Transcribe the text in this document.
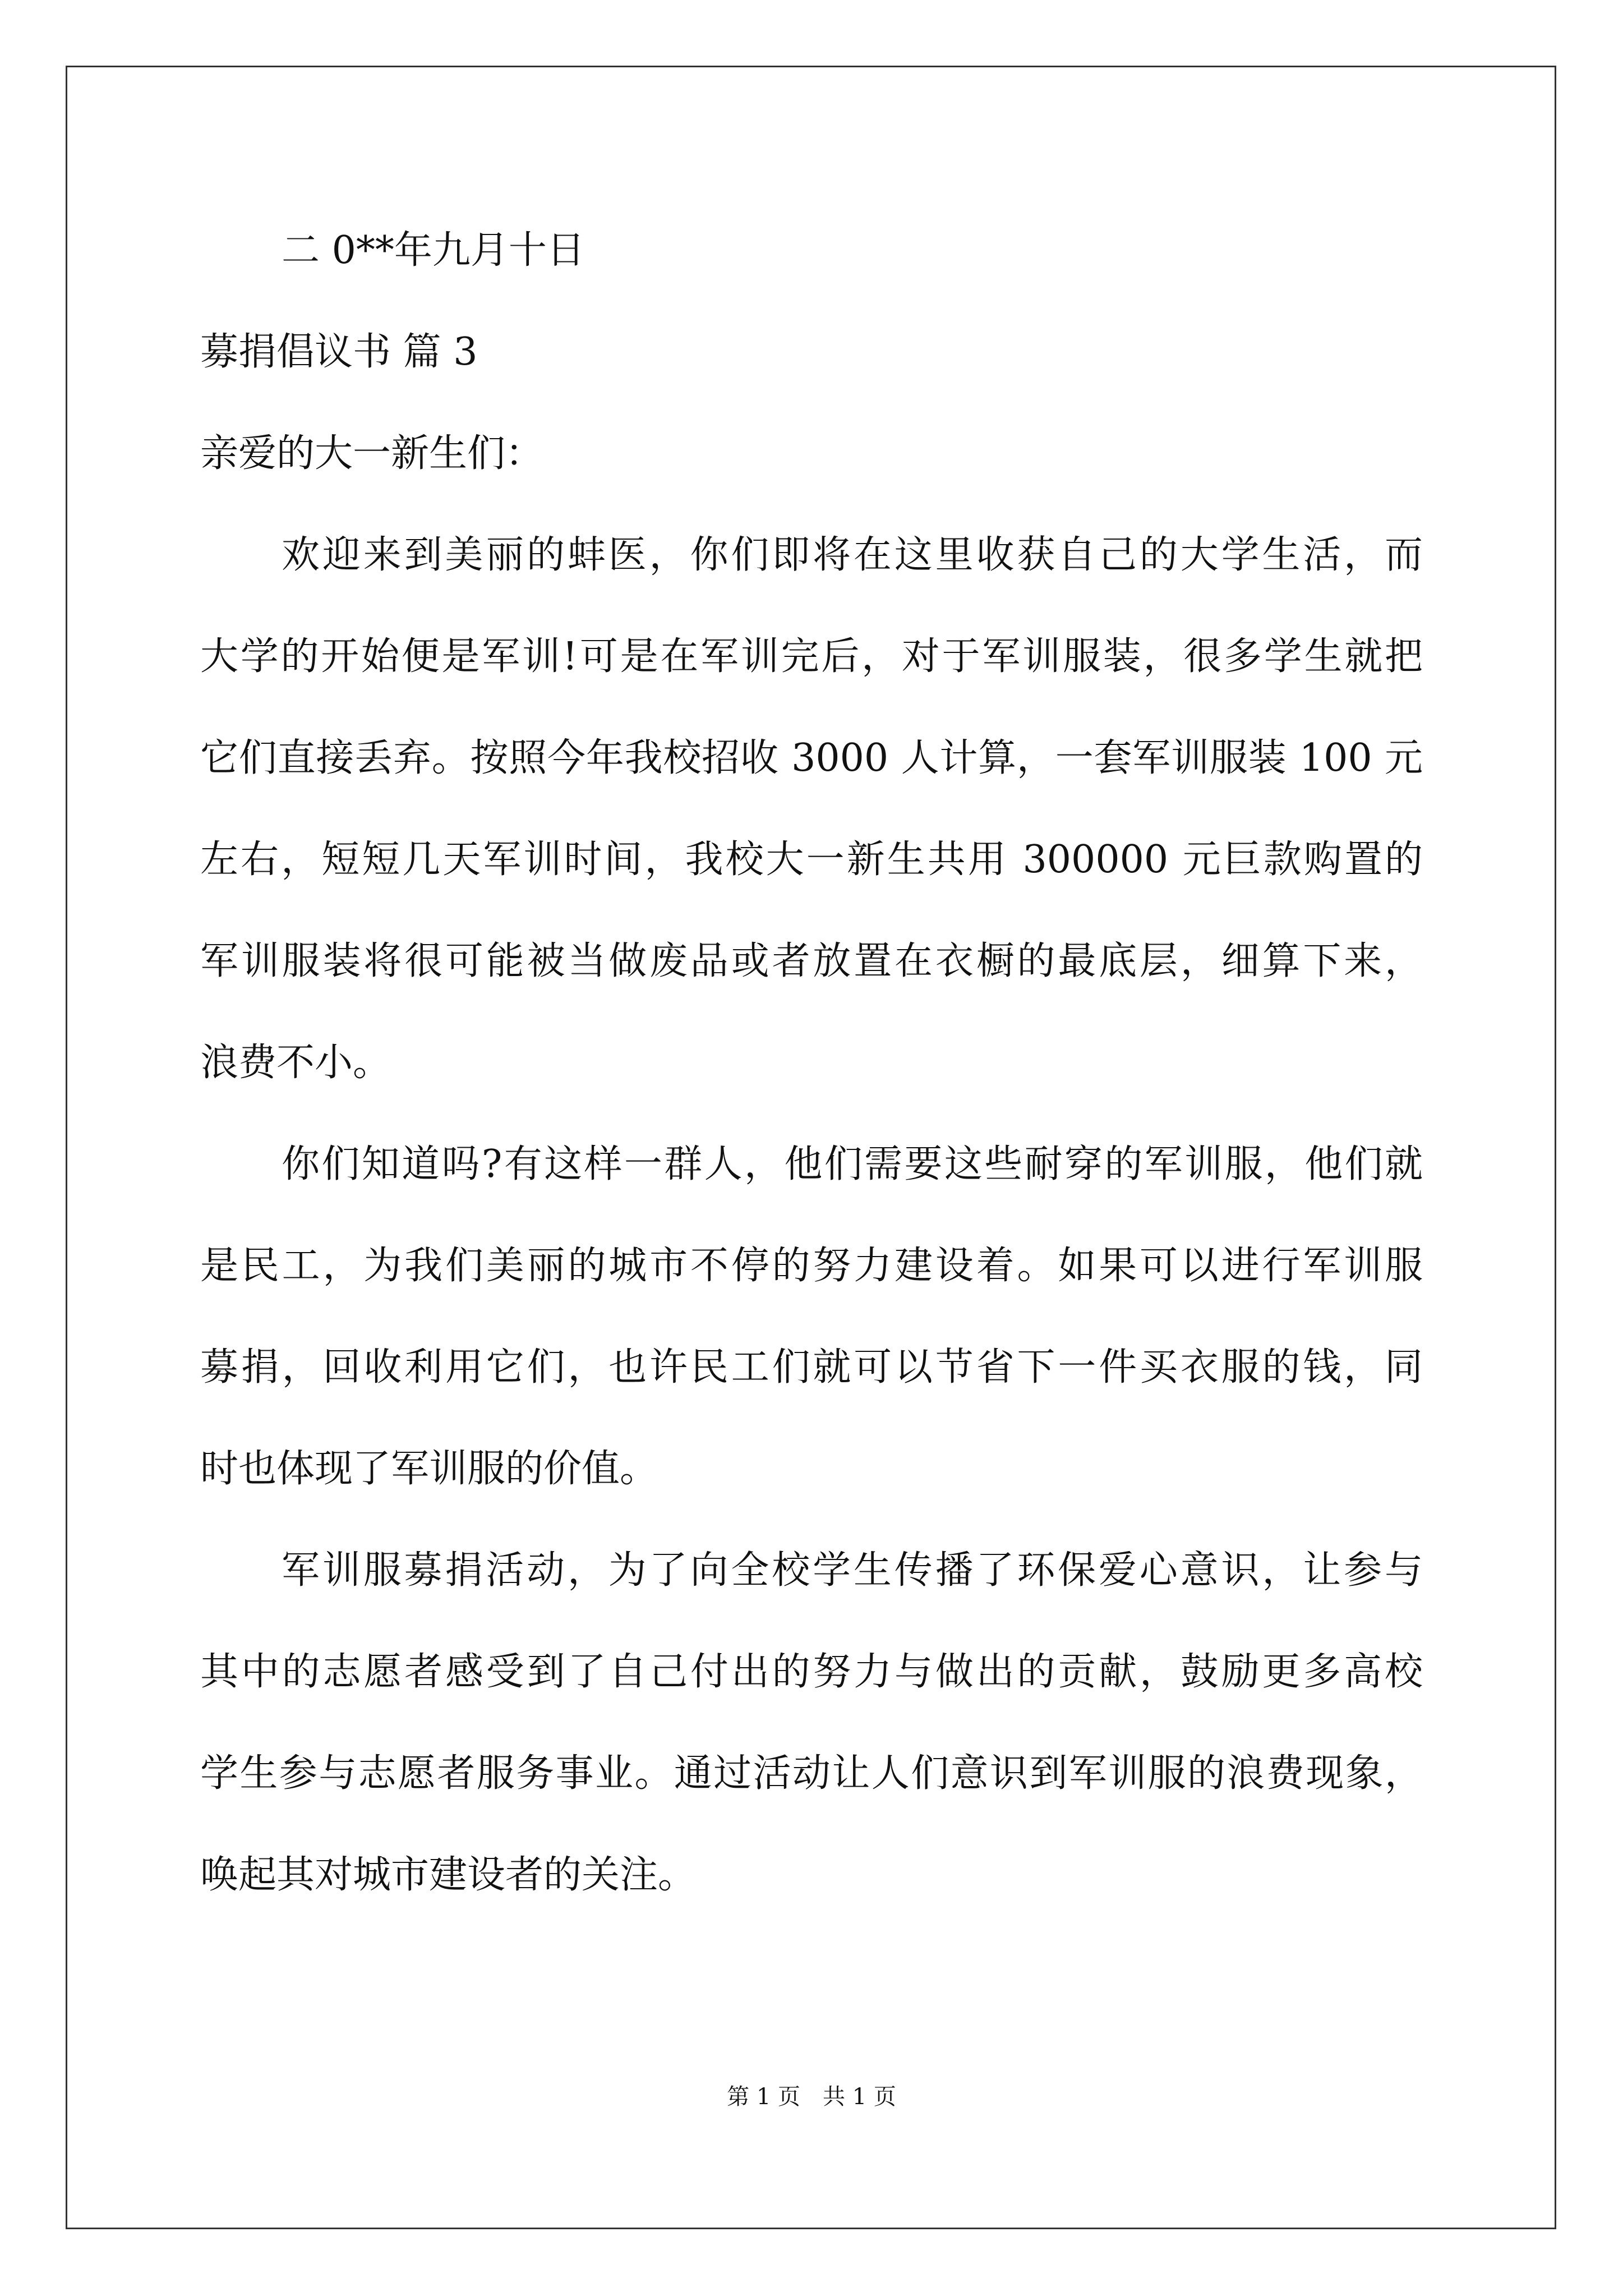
二 0**年九月十日
募捐倡议书 篇 3
亲爱的大一新生们：
欢迎来到美丽的蚌医，你们即将在这里收获自己的大学生活，而
大学的开始便是军训!可是在军训完后，对于军训服装，很多学生就把
它们直接丢弃。按照今年我校招收 3000 人计算，一套军训服装 100 元
左右，短短几天军训时间，我校大一新生共用 300000 元巨款购置的
军训服装将很可能被当做废品或者放置在衣橱的最底层，细算下来，
浪费不小。
你们知道吗?有这样一群人，他们需要这些耐穿的军训服，他们就
是民工，为我们美丽的城市不停的努力建设着。如果可以进行军训服
募捐，回收利用它们，也许民工们就可以节省下一件买衣服的钱，同
时也体现了军训服的价值。
军训服募捐活动，为了向全校学生传播了环保爱心意识，让参与
其中的志愿者感受到了自己付出的努力与做出的贡献，鼓励更多高校
学生参与志愿者服务事业。通过活动让人们意识到军训服的浪费现象，
唤起其对城市建设者的关注。
第 1 页　共 1 页
